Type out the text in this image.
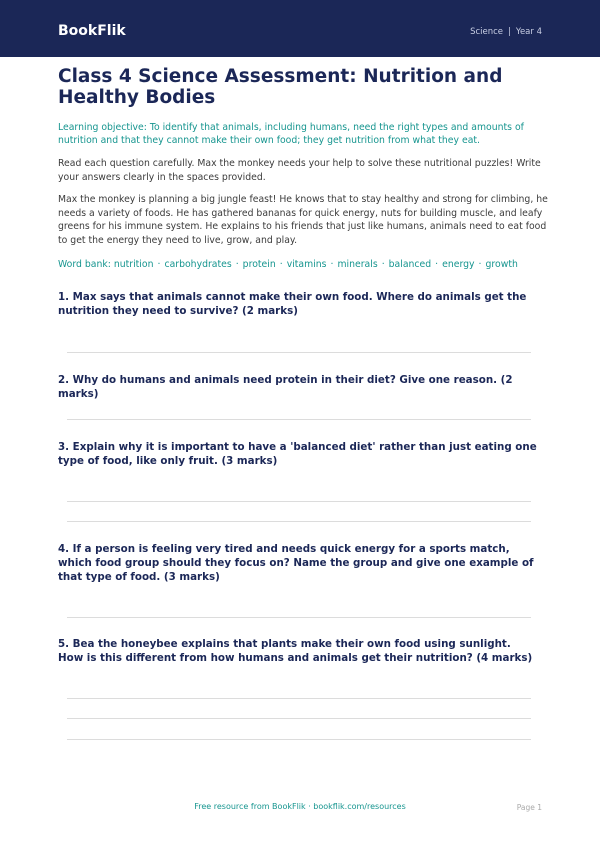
BookFlik	Science | Year 4
Class 4 Science Assessment: Nutrition and Healthy Bodies

Learning objective: To identify that animals, including humans, need the right types and amounts of nutrition and that they cannot make their own food; they get nutrition from what they eat.

Read each question carefully. Max the monkey needs your help to solve these nutritional puzzles! Write your answers clearly in the spaces provided.

Max the monkey is planning a big jungle feast! He knows that to stay healthy and strong for climbing, he needs a variety of foods. He has gathered bananas for quick energy, nuts for building muscle, and leafy greens for his immune system. He explains to his friends that just like humans, animals need to eat food to get the energy they need to live, grow, and play.

Word bank: nutrition · carbohydrates · protein · vitamins · minerals · balanced · energy · growth

1. Max says that animals cannot make their own food. Where do animals get the nutrition they need to survive? (2 marks)

2. Why do humans and animals need protein in their diet? Give one reason. (2 marks)

3. Explain why it is important to have a 'balanced diet' rather than just eating one type of food, like only fruit. (3 marks)

4. If a person is feeling very tired and needs quick energy for a sports match, which food group should they focus on? Name the group and give one example of that type of food. (3 marks)

5. Bea the honeybee explains that plants make their own food using sunlight. How is this different from how humans and animals get their nutrition? (4 marks)

Free resource from BookFlik · bookflik.com/resources	Page 1
